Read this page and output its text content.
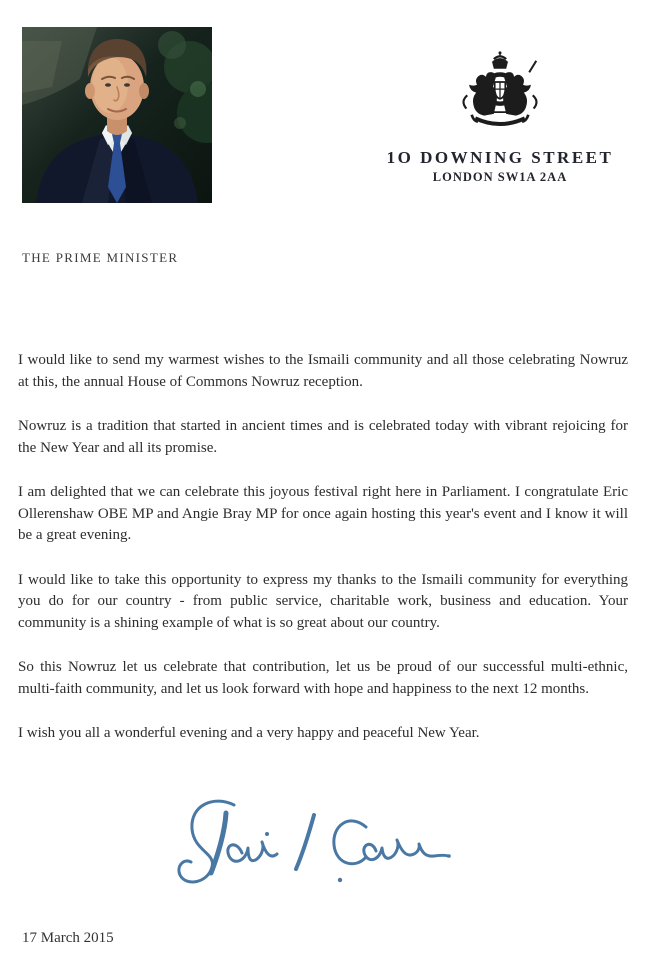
1O DOWNING STREET
LONDON SW1A 2AA
THE PRIME MINISTER

I would like to send my warmest wishes to the Ismaili community and all those celebrating Nowruz at this, the annual House of Commons Nowruz reception.

Nowruz is a tradition that started in ancient times and is celebrated today with vibrant rejoicing for the New Year and all its promise.

I am delighted that we can celebrate this joyous festival right here in Parliament. I congratulate Eric Ollerenshaw OBE MP and Angie Bray MP for once again hosting this year's event and I know it will be a great evening.

I would like to take this opportunity to express my thanks to the Ismaili community for everything you do for our country - from public service, charitable work, business and education. Your community is a shining example of what is so great about our country.

So this Nowruz let us celebrate that contribution, let us be proud of our successful multi-ethnic, multi-faith community, and let us look forward with hope and happiness to the next 12 months.

I wish you all a wonderful evening and a very happy and peaceful New Year.

17 March 2015
